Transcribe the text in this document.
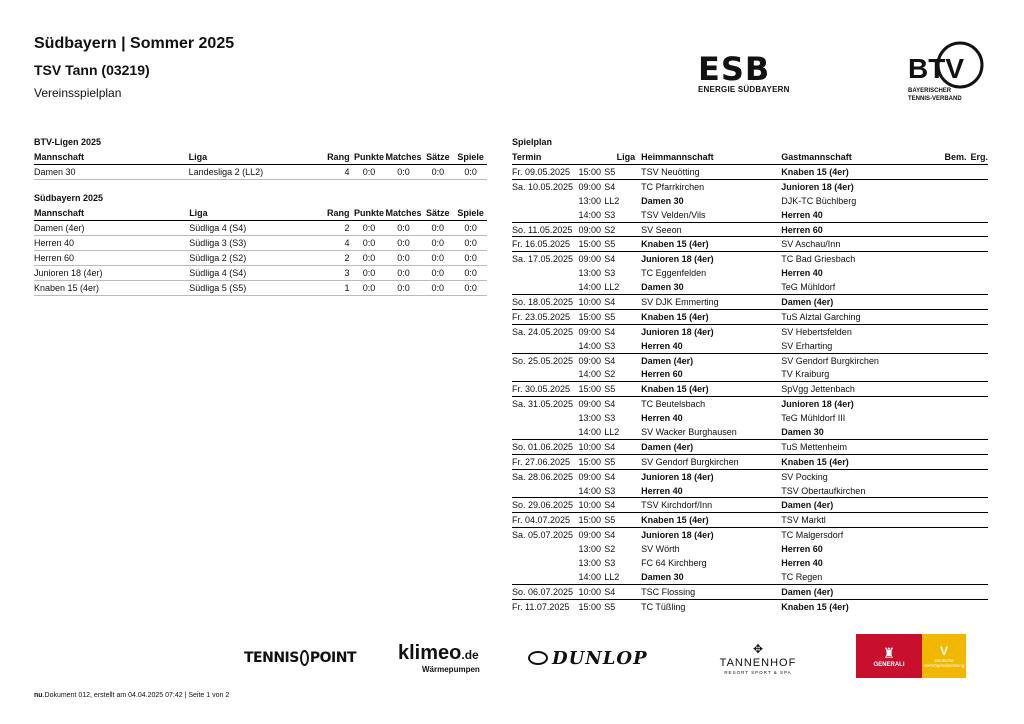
Südbayern | Sommer 2025
TSV Tann (03219)
Vereinsspielplan
ESB
ENERGIE SÜDBAYERN
BTV
BAYERISCHER
TENNIS-VERBAND
BTV-Ligen 2025
Mannschaft	Liga	Rang	Punkte	Matches	Sätze	Spiele
Damen 30	Landesliga 2 (LL2)	4	0:0	0:0	0:0	0:0
Südbayern 2025
Mannschaft	Liga	Rang	Punkte	Matches	Sätze	Spiele
Damen (4er)	Südliga 4 (S4)	2	0:0	0:0	0:0	0:0
Herren 40	Südliga 3 (S3)	4	0:0	0:0	0:0	0:0
Herren 60	Südliga 2 (S2)	2	0:0	0:0	0:0	0:0
Junioren 18 (4er)	Südliga 4 (S4)	3	0:0	0:0	0:0	0:0
Knaben 15 (4er)	Südliga 5 (S5)	1	0:0	0:0	0:0	0:0
Spielplan
Termin		Liga	Heimmannschaft	Gastmannschaft	Bem.	Erg.
Fr. 09.05.2025	15:00	S5	TSV Neuötting	Knaben 15 (4er)		
Sa. 10.05.2025	09:00	S4	TC Pfarrkirchen	Junioren 18 (4er)		
	13:00	LL2	Damen 30	DJK-TC Büchlberg		
	14:00	S3	TSV Velden/Vils	Herren 40		
So. 11.05.2025	09:00	S2	SV Seeon	Herren 60		
Fr. 16.05.2025	15:00	S5	Knaben 15 (4er)	SV Aschau/Inn		
Sa. 17.05.2025	09:00	S4	Junioren 18 (4er)	TC Bad Griesbach		
	13:00	S3	TC Eggenfelden	Herren 40		
	14:00	LL2	Damen 30	TeG Mühldorf		
So. 18.05.2025	10:00	S4	SV DJK Emmerting	Damen (4er)		
Fr. 23.05.2025	15:00	S5	Knaben 15 (4er)	TuS Alztal Garching		
Sa. 24.05.2025	09:00	S4	Junioren 18 (4er)	SV Hebertsfelden		
	14:00	S3	Herren 40	SV Erharting		
So. 25.05.2025	09:00	S4	Damen (4er)	SV Gendorf Burgkirchen		
	14:00	S2	Herren 60	TV Kraiburg		
Fr. 30.05.2025	15:00	S5	Knaben 15 (4er)	SpVgg Jettenbach		
Sa. 31.05.2025	09:00	S4	TC Beutelsbach	Junioren 18 (4er)		
	13:00	S3	Herren 40	TeG Mühldorf III		
	14:00	LL2	SV Wacker Burghausen	Damen 30		
So. 01.06.2025	10:00	S4	Damen (4er)	TuS Mettenheim		
Fr. 27.06.2025	15:00	S5	SV Gendorf Burgkirchen	Knaben 15 (4er)		
Sa. 28.06.2025	09:00	S4	Junioren 18 (4er)	SV Pocking		
	14:00	S3	Herren 40	TSV Obertaufkirchen		
So. 29.06.2025	10:00	S4	TSV Kirchdorf/Inn	Damen (4er)		
Fr. 04.07.2025	15:00	S5	Knaben 15 (4er)	TSV Marktl		
Sa. 05.07.2025	09:00	S4	Junioren 18 (4er)	TC Malgersdorf		
	13:00	S2	SV Wörth	Herren 60		
	13:00	S3	FC 64 Kirchberg	Herren 40		
	14:00	LL2	Damen 30	TC Regen		
So. 06.07.2025	10:00	S4	TSC Flossing	Damen (4er)		
Fr. 11.07.2025	15:00	S5	TC Tüßling	Knaben 15 (4er)		
TENNIS POINT klimeo.de
Wärmepumpen
DUNLOP	✥
TANNENHOF
RESORT SPORT & SPA
♜
GENERALI
V
Deutsche
Vermögensberatung
nu.Dokument 012, erstellt am 04.04.2025 07:42 | Seite 1 von 2
